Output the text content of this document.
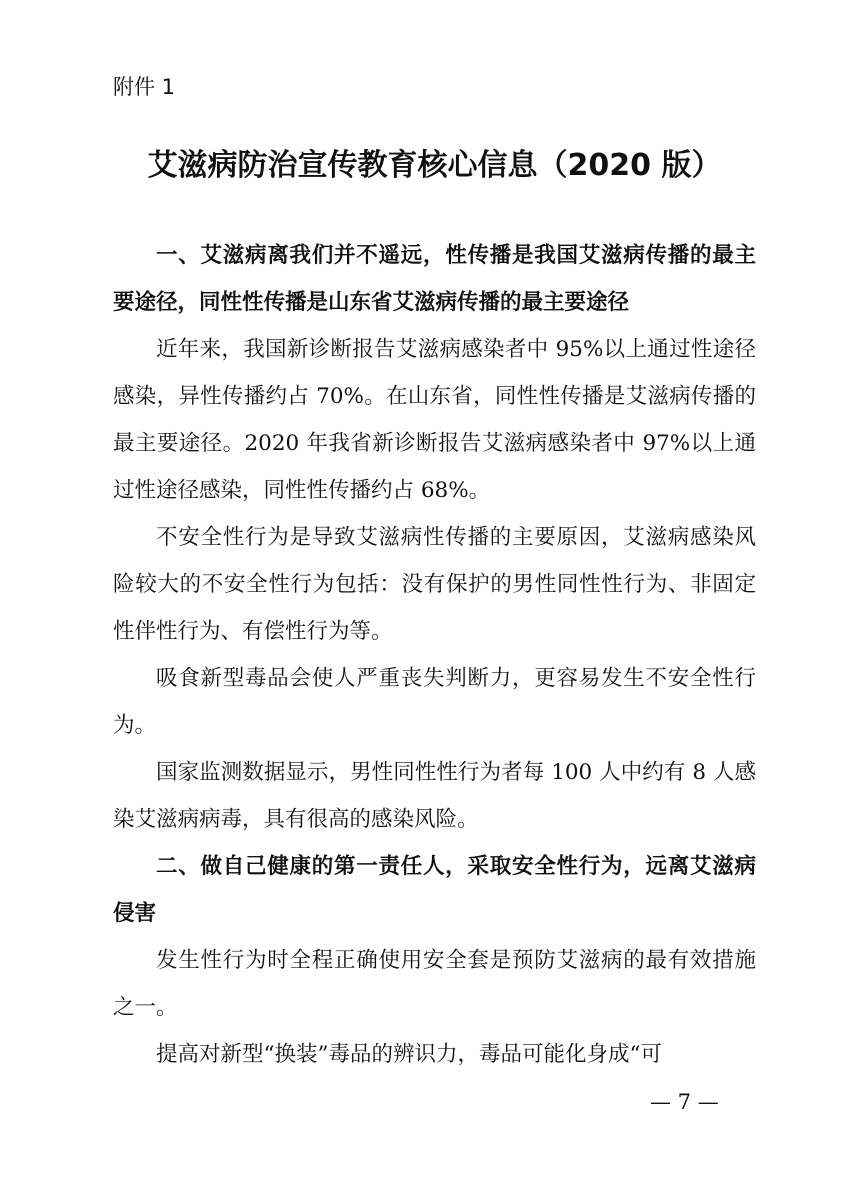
附件 1
艾滋病防治宣传教育核心信息（2020 版）

一、艾滋病离我们并不遥远，性传播是我国艾滋病传播的最主要途径，同性性传播是山东省艾滋病传播的最主要途径

近年来，我国新诊断报告艾滋病感染者中 95%以上通过性途径感染，异性传播约占 70%。在山东省，同性性传播是艾滋病传播的最主要途径。2020 年我省新诊断报告艾滋病感染者中 97%以上通过性途径感染，同性性传播约占 68%。

不安全性行为是导致艾滋病性传播的主要原因，艾滋病感染风险较大的不安全性行为包括：没有保护的男性同性性行为、非固定性伴性行为、有偿性行为等。

吸食新型毒品会使人严重丧失判断力，更容易发生不安全性行为。

国家监测数据显示，男性同性性行为者每 100 人中约有 8 人感染艾滋病病毒，具有很高的感染风险。

二、做自己健康的第一责任人，采取安全性行为，远离艾滋病侵害

发生性行为时全程正确使用安全套是预防艾滋病的最有效措施之一。

提高对新型“换装”毒品的辨识力，毒品可能化身成“可

— 7 —
